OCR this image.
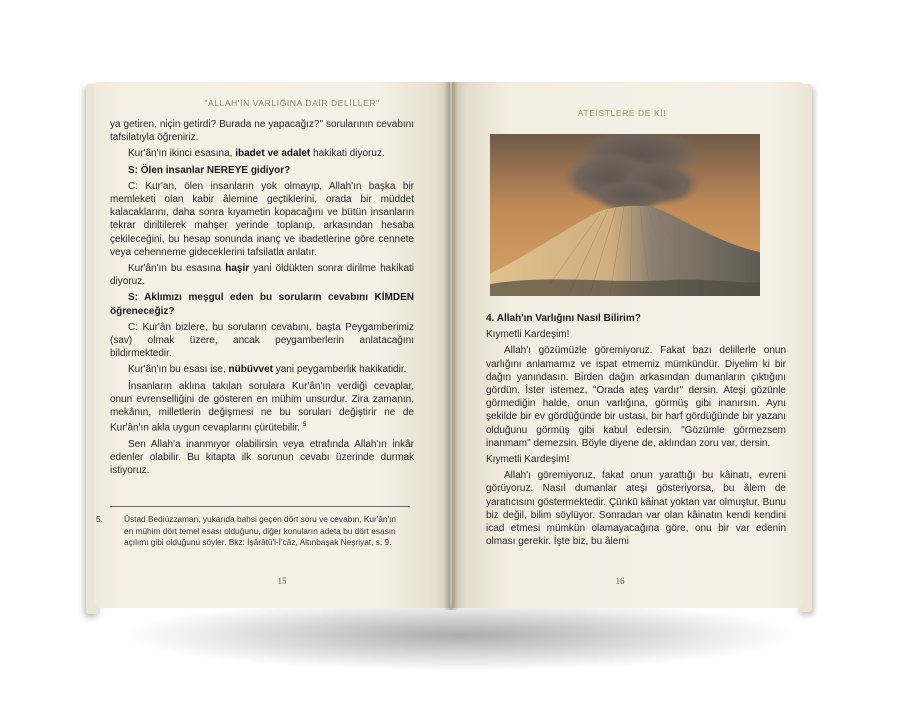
"ALLAH'IN VARLIĞINA DAİR DELİLLER"

ya getiren, niçin getirdi? Burada ne yapacağız?" sorularının cevabını tafsilatıyla öğreniriz.

Kur'ân'ın ikinci esasına, ibadet ve adalet hakikati diyoruz.

S: Ölen insanlar NEREYE gidiyor?

C: Kur'an, ölen insanların yok olmayıp, Allah'ın başka bir memleketi olan kabir âlemine geçtiklerini, orada bir müddet kalacaklarını, daha sonra kıyametin kopacağını ve bütün insanların tekrar diriltilerek mahşer yerinde toplanıp, arkasından hesaba çekileceğini, bu hesap sonunda inanç ve ibadetlerine göre cennete veya cehenneme gideceklerini tafsilatla anlatır.

Kur'ân'ın bu esasına haşir yani öldükten sonra dirilme hakikati diyoruz.

S: Aklımızı meşgul eden bu soruların cevabını KİMDEN öğreneceğiz?

C: Kur'ân bizlere, bu soruların cevabını, başta Peygamberimiz (sav) olmak üzere, ancak peygamberlerin anlatacağını bildirmektedir.

Kur'ân'ın bu esası ise, nübüvvet yani peygamberlik hakikatidir.

İnsanların aklına takılan sorulara Kur'ân'ın verdiği cevaplar, onun evrenselliğini de gösteren en mühim unsurdur. Zira zamanın, mekânın, milletlerin değişmesi ne bu soruları değiştirir ne de Kur'ân'ın akla uygun cevaplarını çürütebilir. $^5$

Sen Allah'a inanmıyor olabilirsin veya etrafında Allah'ın inkâr edenler olabilir. Bu kitapta ilk sorunun cevabı üzerinde durmak istiyoruz.

5.	Üstad Bediüzzaman, yukarıda bahsi geçen dört soru ve cevabın, Kur'ân'ın en mühim dört temel esası olduğunu, diğer konuların adeta bu dört esasın açılımı gibi olduğunu söyler. Bkz: İşârâtü'l-İ'câz, Altınbaşak Neşriyat, s. 9.
15
ATEİSTLERE DE Kİ!

4. Allah'ın Varlığını Nasıl Bilirim?

Kıymetli Kardeşim!

Allah'ı gözümüzle göremiyoruz. Fakat bazı delillerle onun varlığını anlamamız ve ispat etmemiz mümkündür. Diyelim ki bir dağın yanındasın. Birden dağın arkasından dumanların çıktığını gördün. İster istemez, "Orada ateş vardır" dersin. Ateşi gözünle görmediğin halde, onun varlığına, görmüş gibi inanırsın. Aynı şekilde bir ev gördüğünde bir ustası, bir harf gördüğünde bir yazanı olduğunu görmüş gibi kabul edersin. "Gözümle görmezsem inanmam" demezsin. Böyle diyene de, aklından zoru var, dersin.

Kıymetli Kardeşim!

Allah'ı göremiyoruz, fakat onun yarattığı bu kâinatı, evreni görüyoruz. Nasıl dumanlar ateşi gösteriyorsa, bu âlem de yaratıcısını göstermektedir. Çünkü kâinat yoktan var olmuştur. Bunu biz değil, bilim söylüyor. Sonradan var olan kâinatın kendi kendini icad etmesi mümkün olamayacağına göre, onu bir var edenin olması gerekir. İşte biz, bu âlemi

16
